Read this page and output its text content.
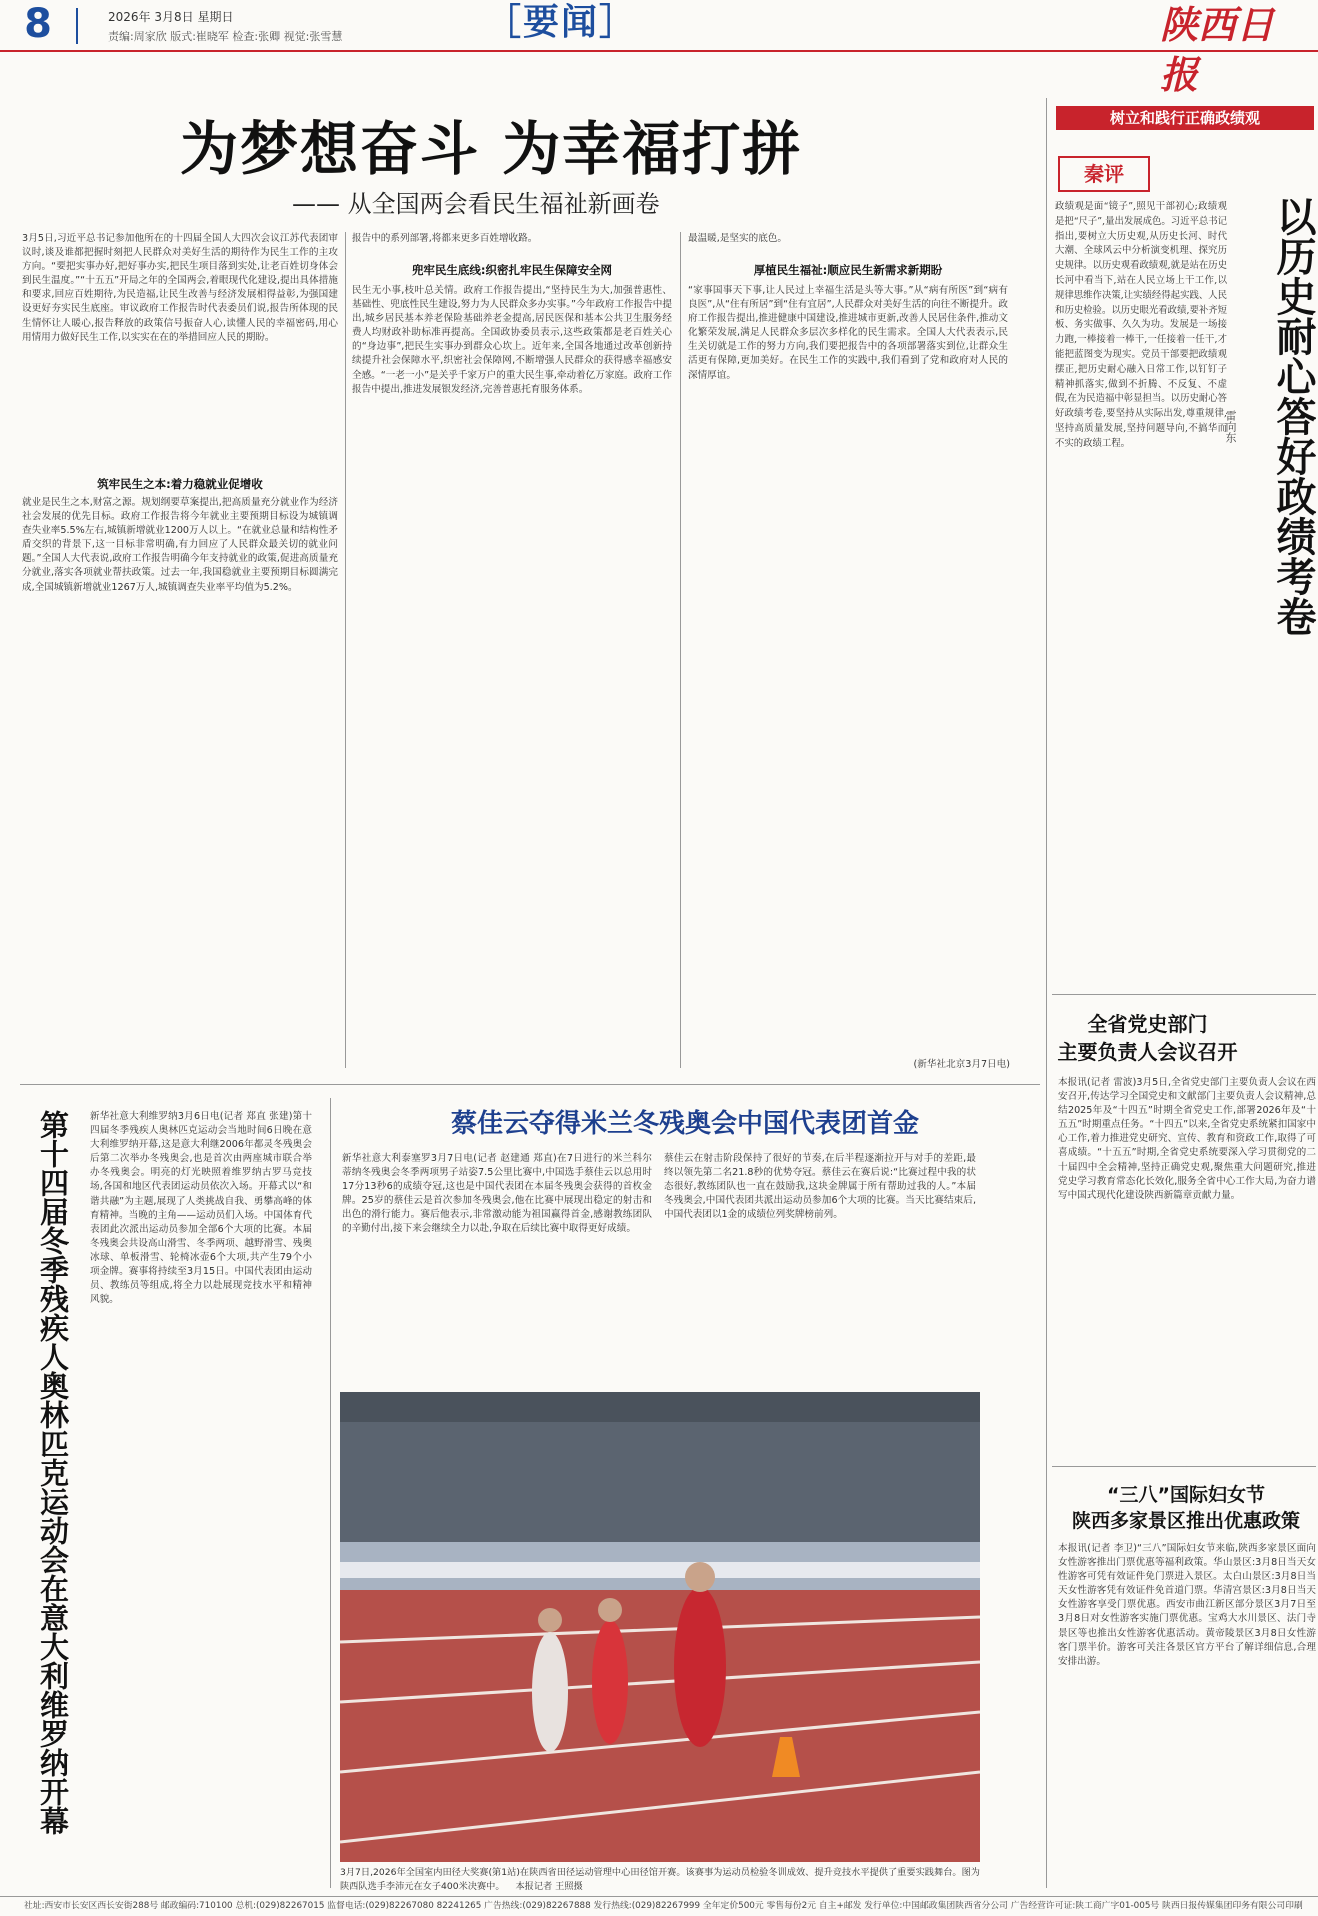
8	2026年 3月8日 星期日
责编:周家欣 版式:崔晓军 检查:张卿 视觉:张雪慧	［要闻］	陕西日报
为梦想奋斗 为幸福打拼
—— 从全国两会看民生福祉新画卷
3月5日,习近平总书记参加他所在的十四届全国人大四次会议江苏代表团审议时,谈及谁都把握时刻把人民群众对美好生活的期待作为民生工作的主攻方向。“要把实事办好,把好事办实,把民生项目落到实处,让老百姓切身体会到民生温度。”“十五五”开局之年的全国两会,着眼现代化建设,提出具体措施和要求,回应百姓期待,为民造福,让民生改善与经济发展相得益彰,为强国建设更好夯实民生底座。审议政府工作报告时代表委员们说,报告所体现的民生情怀让人暖心,报告释放的政策信号振奋人心,读懂人民的幸福密码,用心用情用力做好民生工作,以实实在在的举措回应人民的期盼。
筑牢民生之本:着力稳就业促增收
就业是民生之本,财富之源。规划纲要草案提出,把高质量充分就业作为经济社会发展的优先目标。政府工作报告将今年就业主要预期目标设为城镇调查失业率5.5%左右,城镇新增就业1200万人以上。“在就业总量和结构性矛盾交织的背景下,这一目标非常明确,有力回应了人民群众最关切的就业问题。”全国人大代表说,政府工作报告明确今年支持就业的政策,促进高质量充分就业,落实各项就业帮扶政策。过去一年,我国稳就业主要预期目标圆满完成,全国城镇新增就业1267万人,城镇调查失业率平均值为5.2%。
报告中的系列部署,将都来更多百姓增收路。
兜牢民生底线:织密扎牢民生保障安全网
民生无小事,枝叶总关情。政府工作报告提出,“坚持民生为大,加强普惠性、基础性、兜底性民生建设,努力为人民群众多办实事。”今年政府工作报告中提出,城乡居民基本养老保险基础养老金提高,居民医保和基本公共卫生服务经费人均财政补助标准再提高。全国政协委员表示,这些政策都是老百姓关心的“身边事”,把民生实事办到群众心坎上。近年来,全国各地通过改革创新持续提升社会保障水平,织密社会保障网,不断增强人民群众的获得感幸福感安全感。“一老一小”是关乎千家万户的重大民生事,牵动着亿万家庭。政府工作报告中提出,推进发展银发经济,完善普惠托育服务体系。
最温暖,是坚实的底色。
厚植民生福祉:顺应民生新需求新期盼
“家事国事天下事,让人民过上幸福生活是头等大事。”从“病有所医”到“病有良医”,从“住有所居”到“住有宜居”,人民群众对美好生活的向往不断提升。政府工作报告提出,推进健康中国建设,推进城市更新,改善人民居住条件,推动文化繁荣发展,满足人民群众多层次多样化的民生需求。全国人大代表表示,民生关切就是工作的努力方向,我们要把报告中的各项部署落实到位,让群众生活更有保障,更加美好。在民生工作的实践中,我们看到了党和政府对人民的深情厚谊。
(新华社北京3月7日电)
树立和践行正确政绩观
秦评
以历史耐心答好政绩考卷
雷向东
政绩观是面“镜子”,照见干部初心;政绩观是把“尺子”,量出发展成色。习近平总书记指出,要树立大历史观,从历史长河、时代大潮、全球风云中分析演变机理、探究历史规律。以历史观看政绩观,就是站在历史长河中看当下,站在人民立场上干工作,以规律思维作决策,让实绩经得起实践、人民和历史检验。以历史眼光看政绩,要补齐短板、务实做事、久久为功。发展是一场接力跑,一棒接着一棒干,一任接着一任干,才能把蓝图变为现实。党员干部要把政绩观摆正,把历史耐心融入日常工作,以钉钉子精神抓落实,做到不折腾、不反复、不虚假,在为民造福中彰显担当。以历史耐心答好政绩考卷,要坚持从实际出发,尊重规律,坚持高质量发展,坚持问题导向,不搞华而不实的政绩工程。
全省党史部门
主要负责人会议召开
本报讯(记者 雷波)3月5日,全省党史部门主要负责人会议在西安召开,传达学习全国党史和文献部门主要负责人会议精神,总结2025年及“十四五”时期全省党史工作,部署2026年及“十五五”时期重点任务。“十四五”以来,全省党史系统紧扣国家中心工作,着力推进党史研究、宣传、教育和资政工作,取得了可喜成绩。“十五五”时期,全省党史系统要深入学习贯彻党的二十届四中全会精神,坚持正确党史观,聚焦重大问题研究,推进党史学习教育常态化长效化,服务全省中心工作大局,为奋力谱写中国式现代化建设陕西新篇章贡献力量。
“三八”国际妇女节
陕西多家景区推出优惠政策
本报讯(记者 李卫)“三八”国际妇女节来临,陕西多家景区面向女性游客推出门票优惠等福利政策。华山景区:3月8日当天女性游客可凭有效证件免门票进入景区。太白山景区:3月8日当天女性游客凭有效证件免首道门票。华清宫景区:3月8日当天女性游客享受门票优惠。西安市曲江新区部分景区3月7日至3月8日对女性游客实施门票优惠。宝鸡大水川景区、法门寺景区等也推出女性游客优惠活动。黄帝陵景区3月8日女性游客门票半价。游客可关注各景区官方平台了解详细信息,合理安排出游。
第十四届冬季残疾人奥林匹克运动会在意大利维罗纳开幕 新华社意大利维罗纳3月6日电(记者 郑直 张建)第十四届冬季残疾人奥林匹克运动会当地时间6日晚在意大利维罗纳开幕,这是意大利继2006年都灵冬残奥会后第二次举办冬残奥会,也是首次由两座城市联合举办冬残奥会。明亮的灯光映照着维罗纳古罗马竞技场,各国和地区代表团运动员依次入场。开幕式以“和谐共融”为主题,展现了人类挑战自我、勇攀高峰的体育精神。当晚的主角——运动员们入场。中国体育代表团此次派出运动员参加全部6个大项的比赛。本届冬残奥会共设高山滑雪、冬季两项、越野滑雪、残奥冰球、单板滑雪、轮椅冰壶6个大项,共产生79个小项金牌。赛事将持续至3月15日。中国代表团由运动员、教练员等组成,将全力以赴展现竞技水平和精神风貌。
蔡佳云夺得米兰冬残奥会中国代表团首金
新华社意大利泰塞罗3月7日电(记者 赵建通 郑直)在7日进行的米兰科尔蒂纳冬残奥会冬季两项男子站姿7.5公里比赛中,中国选手蔡佳云以总用时17分13秒6的成绩夺冠,这也是中国代表团在本届冬残奥会获得的首枚金牌。25岁的蔡佳云是首次参加冬残奥会,他在比赛中展现出稳定的射击和出色的滑行能力。赛后他表示,非常激动能为祖国赢得首金,感谢教练团队的辛勤付出,接下来会继续全力以赴,争取在后续比赛中取得更好成绩。
蔡佳云在射击阶段保持了很好的节奏,在后半程逐渐拉开与对手的差距,最终以领先第二名21.8秒的优势夺冠。蔡佳云在赛后说:“比赛过程中我的状态很好,教练团队也一直在鼓励我,这块金牌属于所有帮助过我的人。”本届冬残奥会,中国代表团共派出运动员参加6个大项的比赛。当天比赛结束后,中国代表团以1金的成绩位列奖牌榜前列。
3月7日,2026年全国室内田径大奖赛(第1站)在陕西省田径运动管理中心田径馆开赛。该赛事为运动员检验冬训成效、提升竞技水平提供了重要实践舞台。图为陕西队选手李沛元在女子400米决赛中。 本报记者 王照摄
社址:西安市长安区西长安街288号 邮政编码:710100 总机:(029)82267015 监督电话:(029)82267080 82241265 广告热线:(029)82267888 发行热线:(029)82267999 全年定价500元 零售每份2元 自主+邮发 发行单位:中国邮政集团陕西省分公司 广告经营许可证:陕工商广字01-005号 陕西日报传媒集团印务有限公司印刷
